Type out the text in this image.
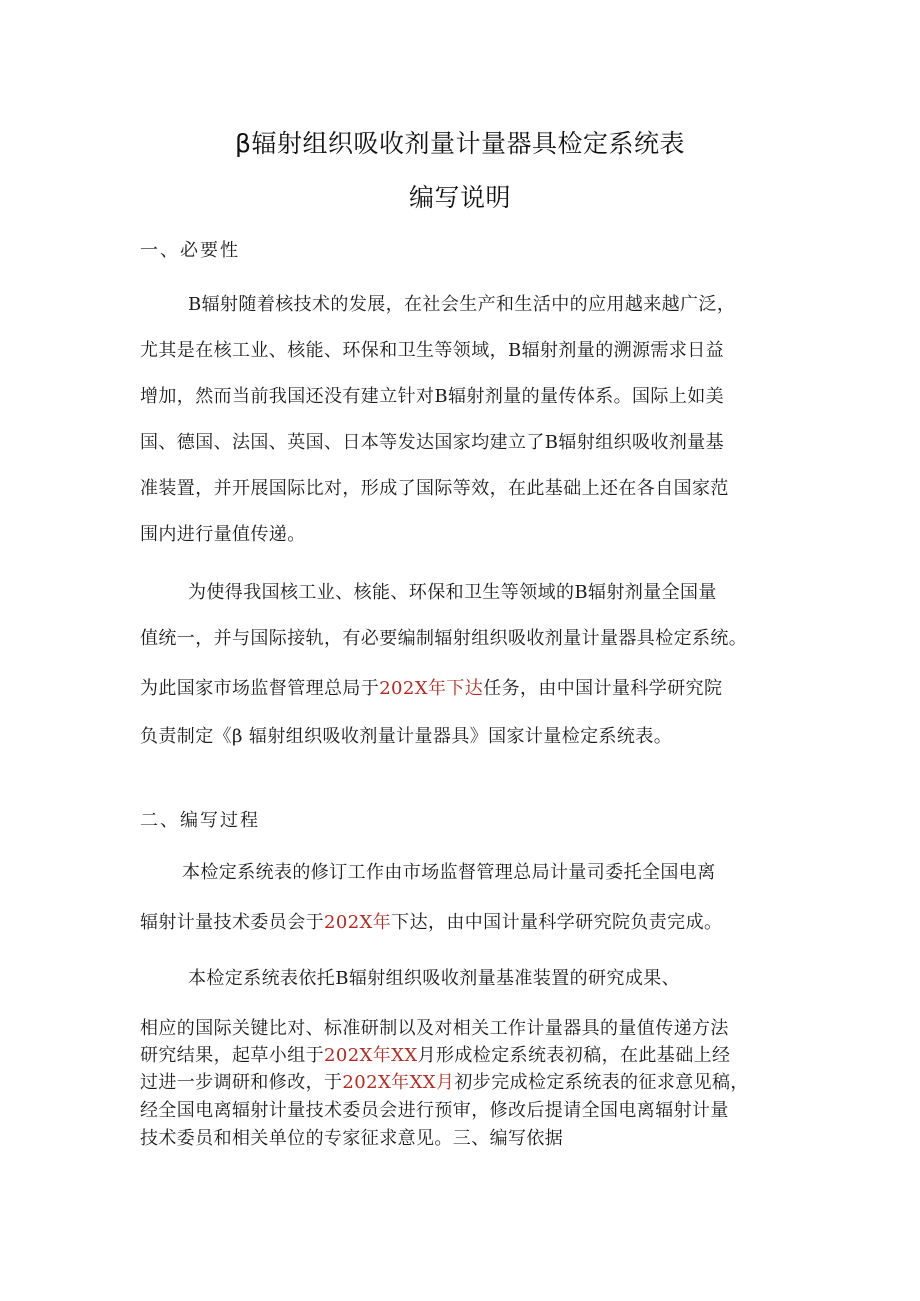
β辐射组织吸收剂量计量器具检定系统表
编写说明
一、必要性
Β辐射随着核技术的发展，在社会生产和生活中的应用越来越广泛，
尤其是在核工业、核能、环保和卫生等领域，Β辐射剂量的溯源需求日益
增加，然而当前我国还没有建立针对Β辐射剂量的量传体系。国际上如美
国、德国、法国、英国、日本等发达国家均建立了Β辐射组织吸收剂量基
准装置，并开展国际比对，形成了国际等效，在此基础上还在各自国家范
围内进行量值传递。
为使得我国核工业、核能、环保和卫生等领域的Β辐射剂量全国量
值统一，并与国际接轨，有必要编制辐射组织吸收剂量计量器具检定系统。
为此国家市场监督管理总局于202X年下达任务，由中国计量科学研究院
负责制定《β 辐射组织吸收剂量计量器具》国家计量检定系统表。
二、编写过程
本检定系统表的修订工作由市场监督管理总局计量司委托全国电离
辐射计量技术委员会于202X年下达，由中国计量科学研究院负责完成。
本检定系统表依托Β辐射组织吸收剂量基准装置的研究成果、
相应的国际关键比对、标准研制以及对相关工作计量器具的量值传递方法
研究结果，起草小组于202X年XX月形成检定系统表初稿，在此基础上经
过进一步调研和修改，于202X年XX月初步完成检定系统表的征求意见稿，
经全国电离辐射计量技术委员会进行预审，修改后提请全国电离辐射计量
技术委员和相关单位的专家征求意见。三、编写依据
